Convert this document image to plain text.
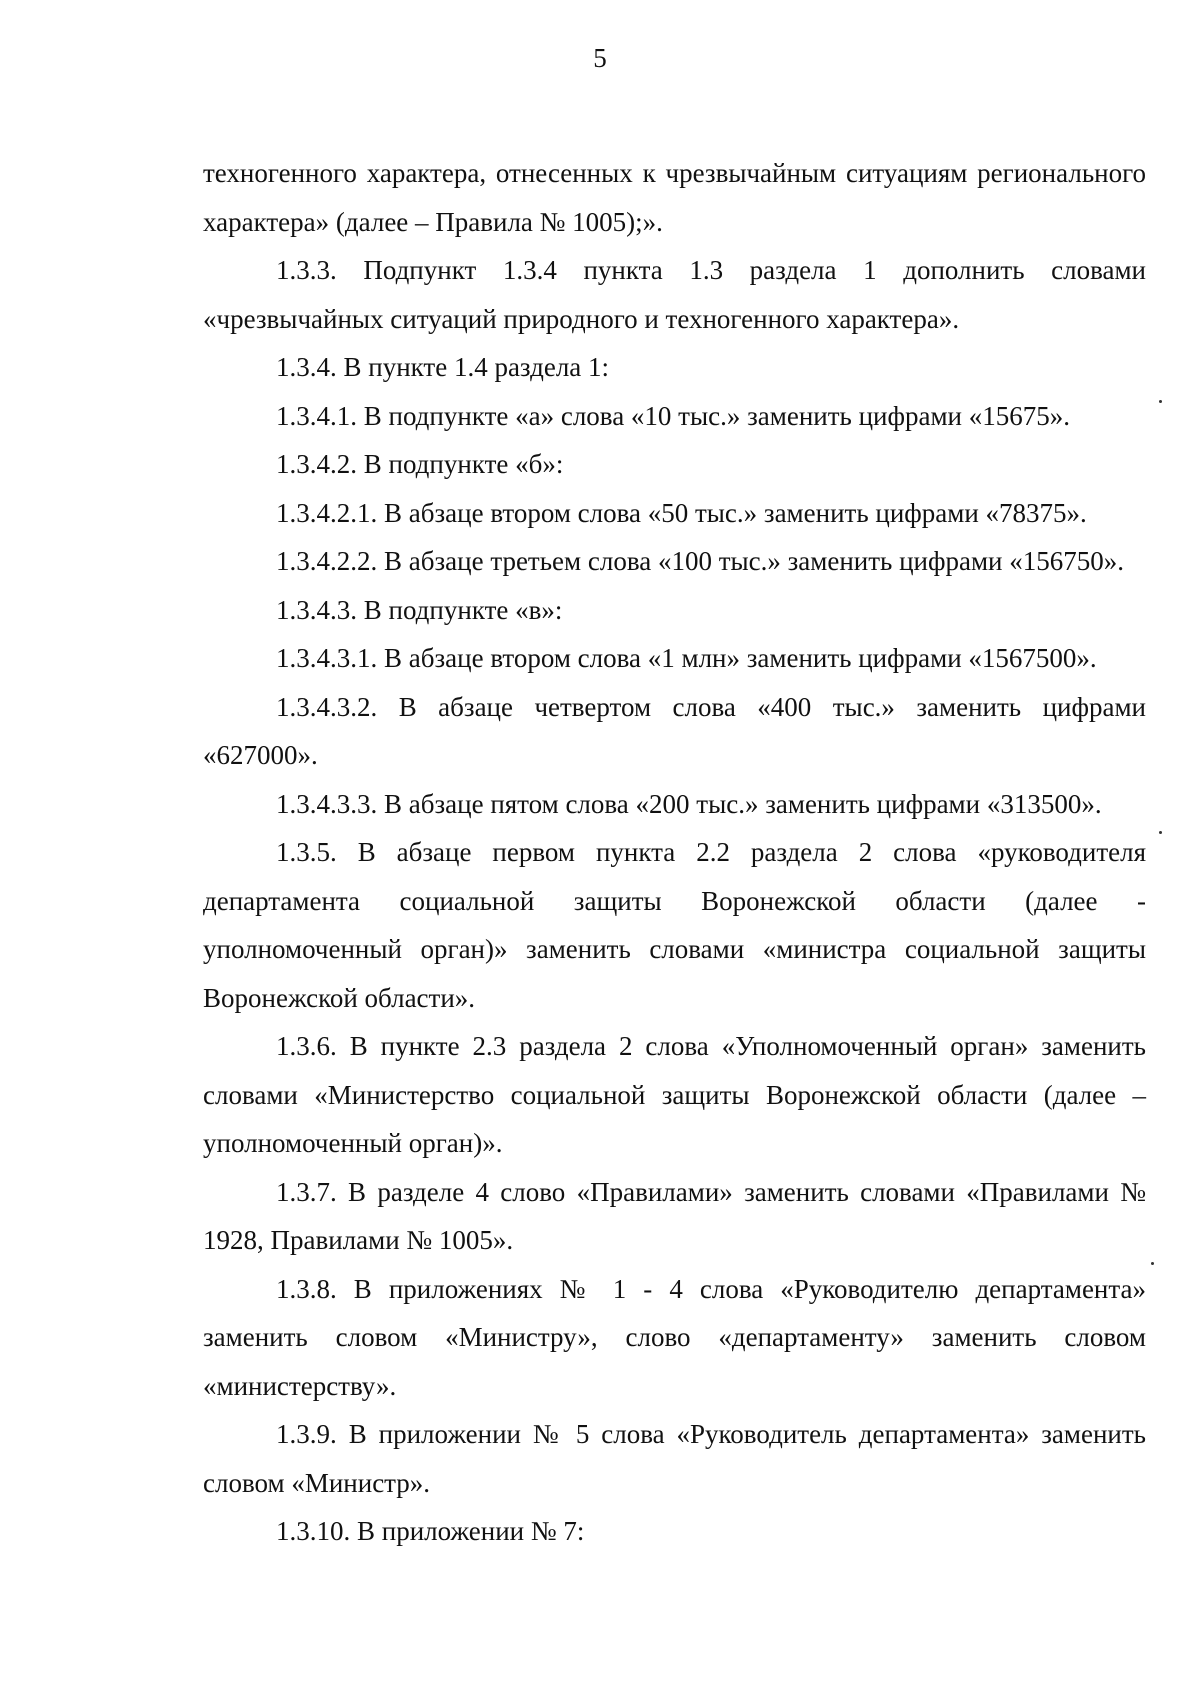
5

техногенного характера, отнесенных к чрезвычайным ситуациям регионального характера» (далее – Правила № 1005);».

1.3.3. Подпункт 1.3.4 пункта 1.3 раздела 1 дополнить словами «чрезвычайных ситуаций природного и техногенного характера».

1.3.4. В пункте 1.4 раздела 1:

1.3.4.1. В подпункте «а» слова «10 тыс.» заменить цифрами «15675».

1.3.4.2. В подпункте «б»:

1.3.4.2.1. В абзаце втором слова «50 тыс.» заменить цифрами «78375».

1.3.4.2.2. В абзаце третьем слова «100 тыс.» заменить цифрами «156750».

1.3.4.3. В подпункте «в»:

1.3.4.3.1. В абзаце втором слова «1 млн» заменить цифрами «1567500».

1.3.4.3.2. В абзаце четвертом слова «400 тыс.» заменить цифрами «627000».

1.3.4.3.3. В абзаце пятом слова «200 тыс.» заменить цифрами «313500».

1.3.5. В абзаце первом пункта 2.2 раздела 2 слова «руководителя департамента социальной защиты Воронежской области (далее - уполномоченный орган)» заменить словами «министра социальной защиты Воронежской области».

1.3.6. В пункте 2.3 раздела 2 слова «Уполномоченный орган» заменить словами «Министерство социальной защиты Воронежской области (далее – уполномоченный орган)».

1.3.7. В разделе 4 слово «Правилами» заменить словами «Правилами № 1928, Правилами № 1005».

1.3.8. В приложениях № 1 - 4 слова «Руководителю департамента» заменить словом «Министру», слово «департаменту» заменить словом «министерству».

1.3.9. В приложении № 5 слова «Руководитель департамента» заменить словом «Министр».

1.3.10. В приложении № 7:
